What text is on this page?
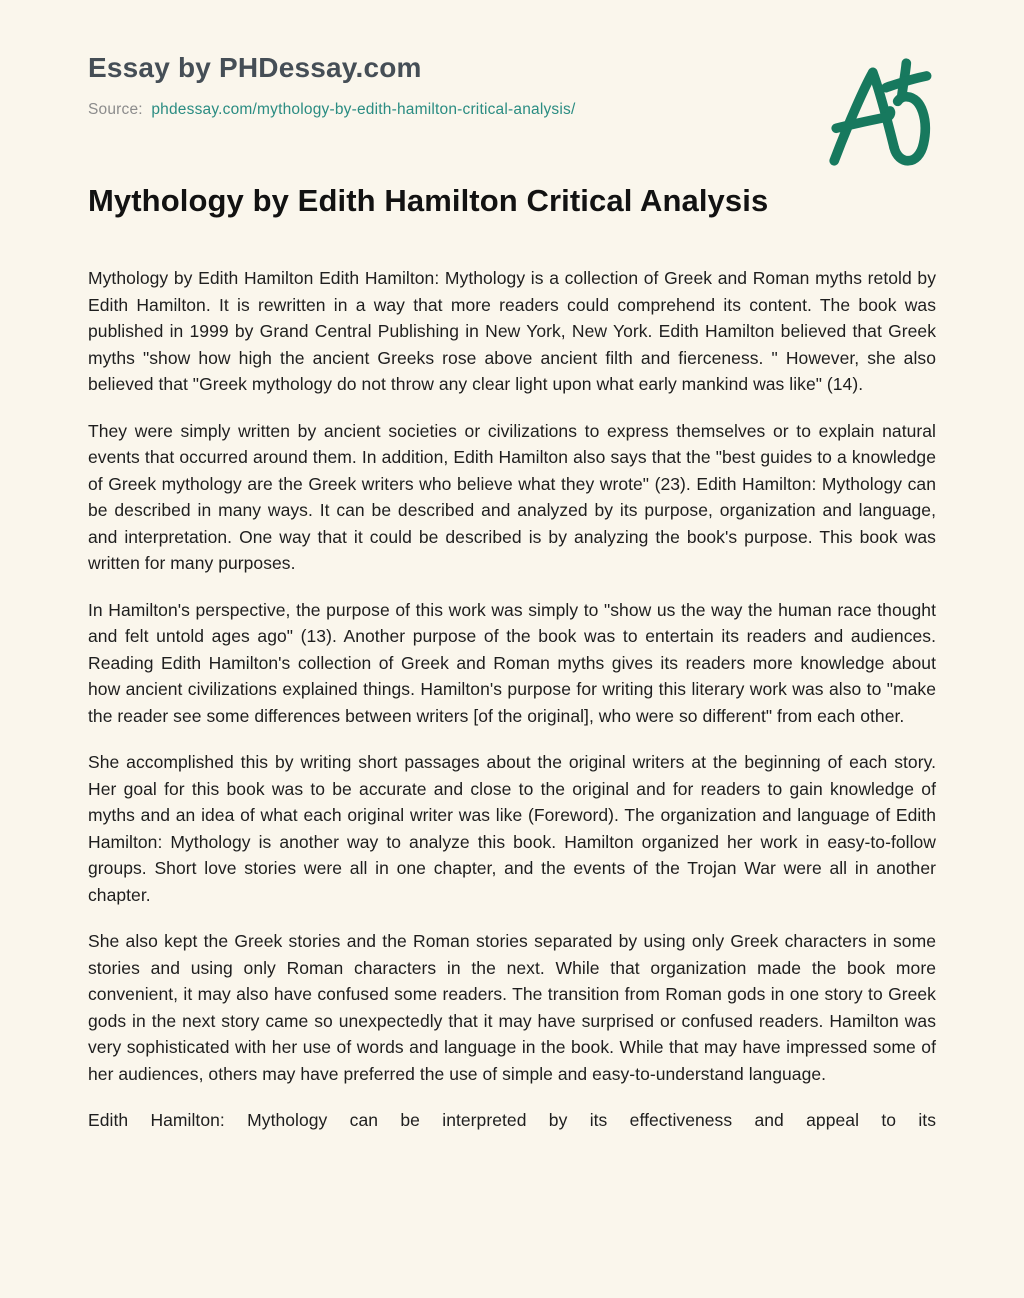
Essay by PHDessay.com
Source: phdessay.com/mythology-by-edith-hamilton-critical-analysis/
Mythology by Edith Hamilton Critical Analysis

Mythology by Edith Hamilton Edith Hamilton: Mythology is a collection of Greek and Roman myths retold by Edith Hamilton. It is rewritten in a way that more readers could comprehend its content. The book was published in 1999 by Grand Central Publishing in New York, New York. Edith Hamilton believed that Greek myths "show how high the ancient Greeks rose above ancient filth and fierceness. " However, she also believed that "Greek mythology do not throw any clear light upon what early mankind was like" (14).

They were simply written by ancient societies or civilizations to express themselves or to explain natural events that occurred around them. In addition, Edith Hamilton also says that the "best guides to a knowledge of Greek mythology are the Greek writers who believe what they wrote" (23). Edith Hamilton: Mythology can be described in many ways. It can be described and analyzed by its purpose, organization and language, and interpretation. One way that it could be described is by analyzing the book's purpose. This book was written for many purposes.

In Hamilton's perspective, the purpose of this work was simply to "show us the way the human race thought and felt untold ages ago" (13). Another purpose of the book was to entertain its readers and audiences. Reading Edith Hamilton's collection of Greek and Roman myths gives its readers more knowledge about how ancient civilizations explained things. Hamilton's purpose for writing this literary work was also to "make the reader see some differences between writers [of the original], who were so different" from each other.

She accomplished this by writing short passages about the original writers at the beginning of each story. Her goal for this book was to be accurate and close to the original and for readers to gain knowledge of myths and an idea of what each original writer was like (Foreword). The organization and language of Edith Hamilton: Mythology is another way to analyze this book. Hamilton organized her work in easy-to-follow groups. Short love stories were all in one chapter, and the events of the Trojan War were all in another chapter.

She also kept the Greek stories and the Roman stories separated by using only Greek characters in some stories and using only Roman characters in the next. While that organization made the book more convenient, it may also have confused some readers. The transition from Roman gods in one story to Greek gods in the next story came so unexpectedly that it may have surprised or confused readers. Hamilton was very sophisticated with her use of words and language in the book. While that may have impressed some of her audiences, others may have preferred the use of simple and easy-to-understand language.

Edith Hamilton: Mythology can be interpreted by its effectiveness and appeal to its
